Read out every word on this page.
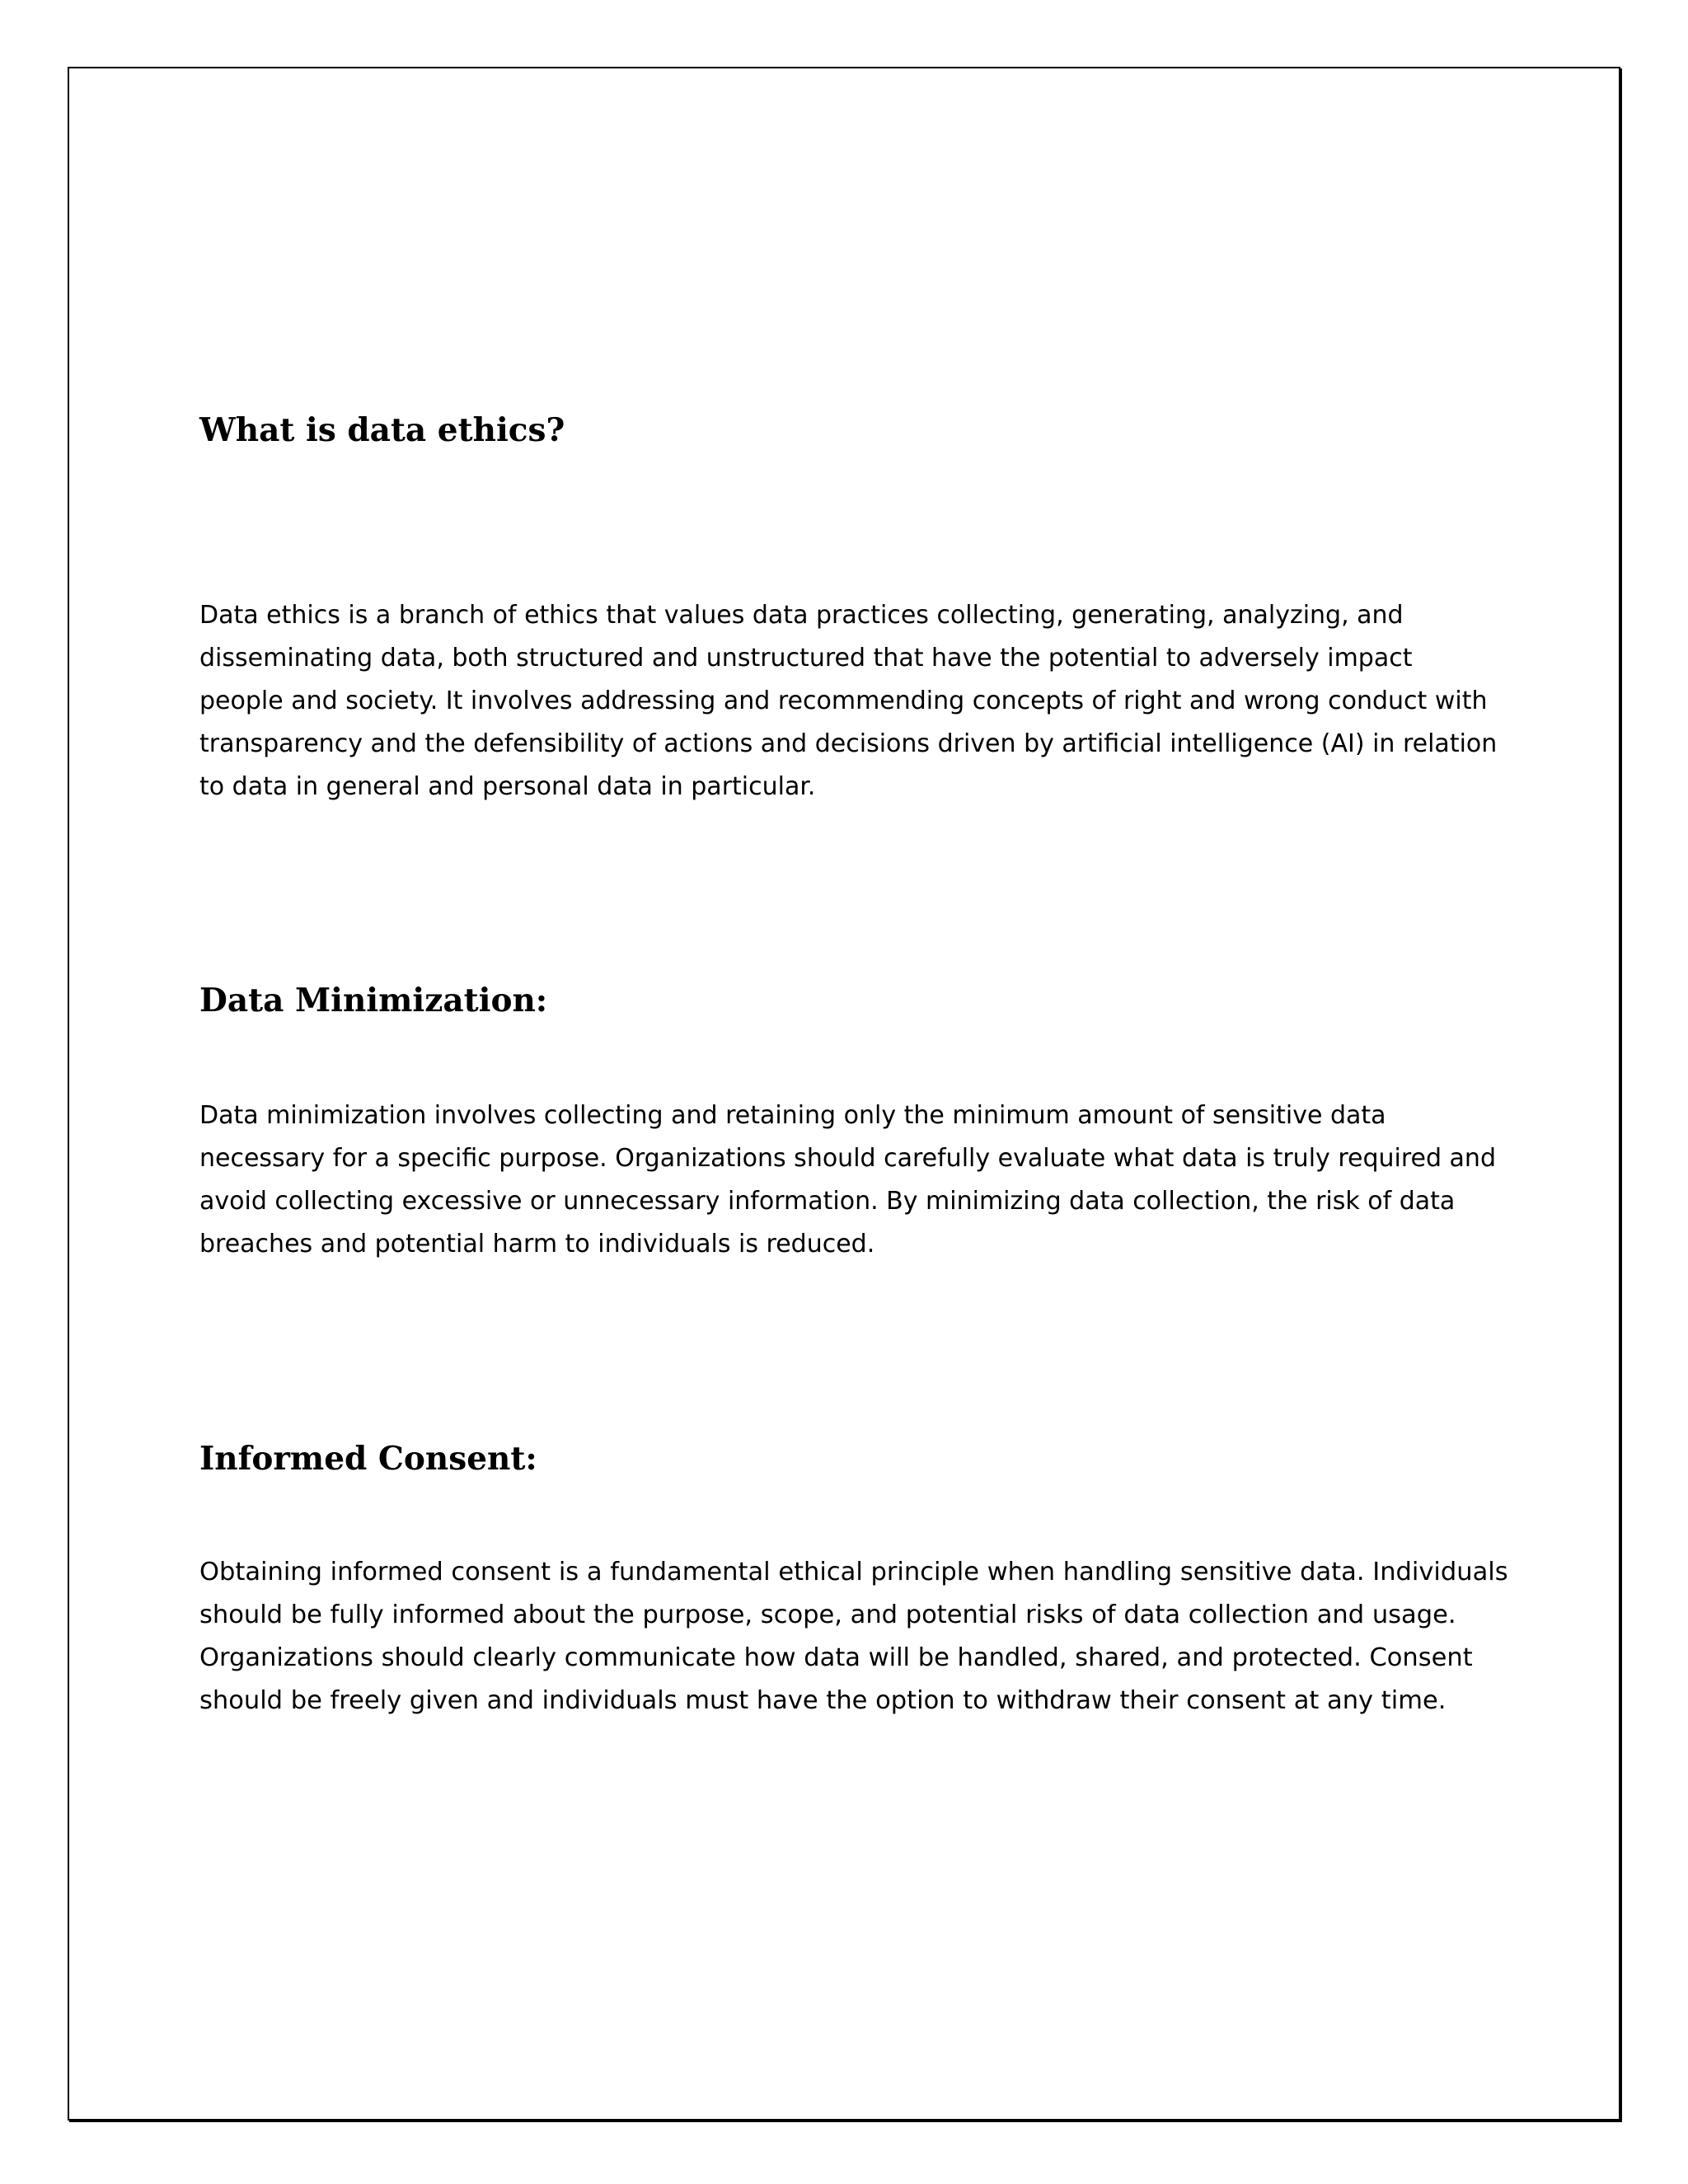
What is data ethics?
Data ethics is a branch of ethics that values data practices collecting, generating, analyzing, and
disseminating data, both structured and unstructured that have the potential to adversely impact
people and society. It involves addressing and recommending concepts of right and wrong conduct with
transparency and the defensibility of actions and decisions driven by artificial intelligence (AI) in relation
to data in general and personal data in particular.
Data Minimization:
Data minimization involves collecting and retaining only the minimum amount of sensitive data
necessary for a specific purpose. Organizations should carefully evaluate what data is truly required and
avoid collecting excessive or unnecessary information. By minimizing data collection, the risk of data
breaches and potential harm to individuals is reduced.
Informed Consent:
Obtaining informed consent is a fundamental ethical principle when handling sensitive data. Individuals
should be fully informed about the purpose, scope, and potential risks of data collection and usage.
Organizations should clearly communicate how data will be handled, shared, and protected. Consent
should be freely given and individuals must have the option to withdraw their consent at any time.
